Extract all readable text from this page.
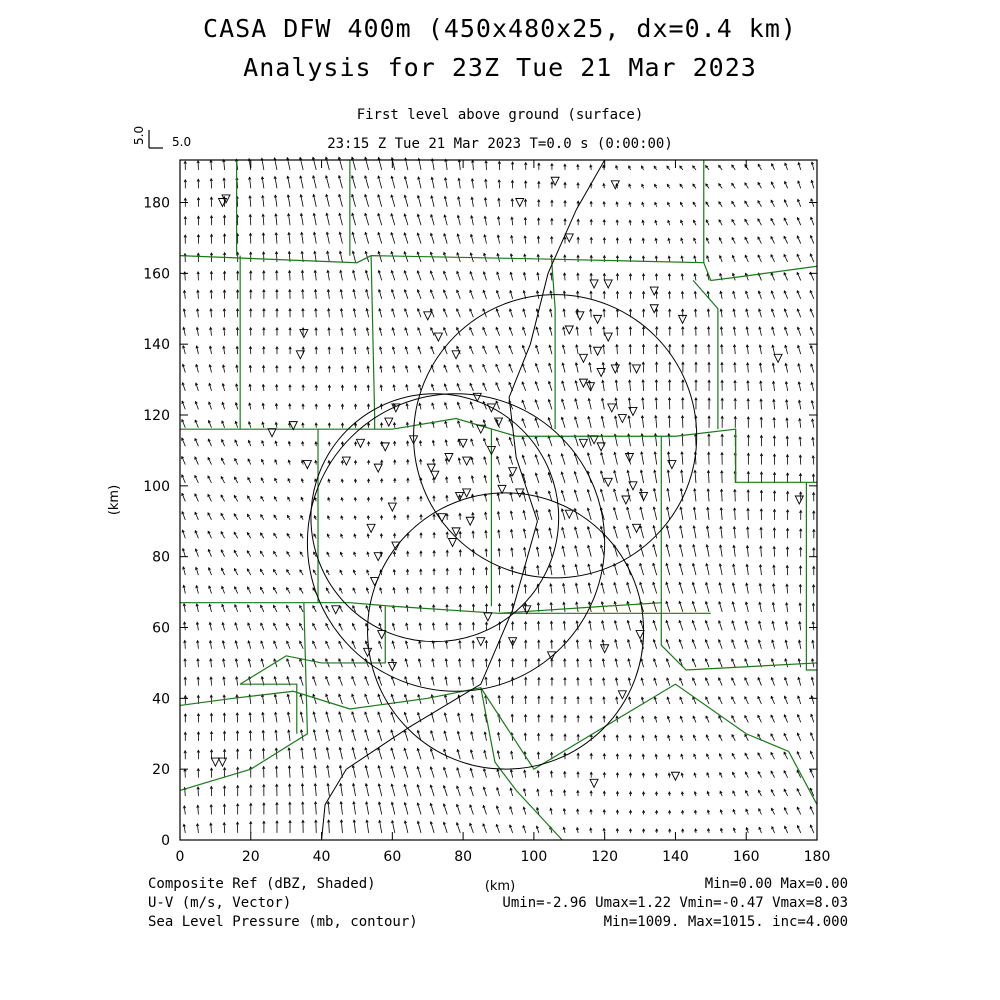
CASA DFW 400m (450x480x25, dx=0.4 km)
Analysis for 23Z Tue 21 Mar 2023
First level above ground (surface)
23:15 Z Tue 21 Mar 2023 T=0.0 s (0:00:00)
0	20	40	60	80	100	120	140	160	180
0
20
40
60
80
100
120
140
160
180
5.0 5.0
(km)
(km)
Composite Ref (dBZ, Shaded)
U-V (m/s, Vector)
Sea Level Pressure (mb, contour)
Min=0.00 Max=0.00
Umin=-2.96 Umax=1.22 Vmin=-0.47 Vmax=8.03
Min=1009. Max=1015. inc=4.000
